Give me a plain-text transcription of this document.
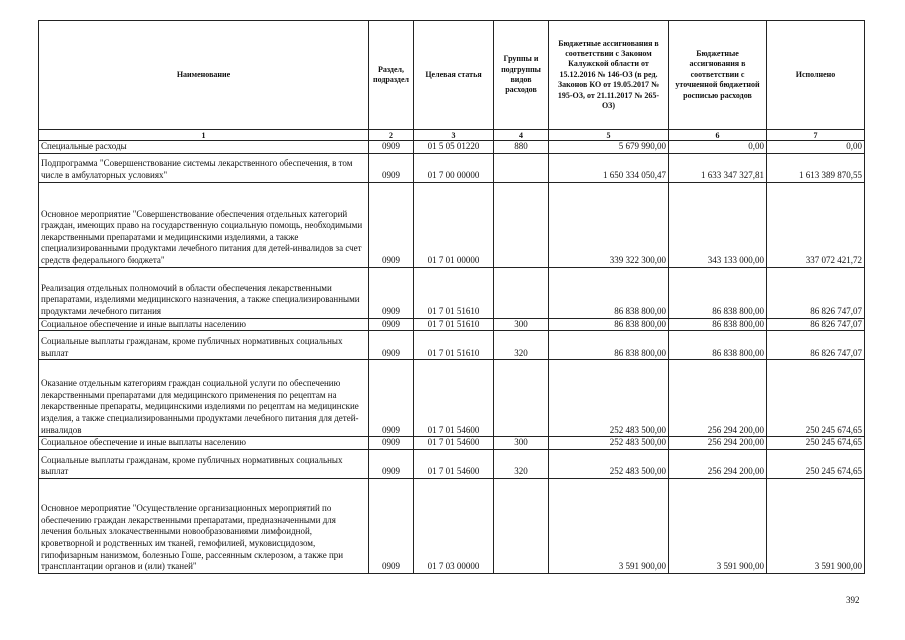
Наименование	Раздел, подраздел	Целевая статья	Группы и подгруппы видов расходов	Бюджетные ассигнования в соответствии с Законом Калужской области от 15.12.2016 № 146-ОЗ (в ред. Законов КО от 19.05.2017 № 195-ОЗ, от 21.11.2017 № 265-ОЗ)	Бюджетные ассигнования в соответствии с уточненной бюджетной росписью расходов	Исполнено
1	2	3	4	5	6	7
Специальные расходы	0909	01 5 05 01220	880	5 679 990,00	0,00	0,00
Подпрограмма "Совершенствование системы лекарственного обеспечения, в том числе в амбулаторных условиях"	0909	01 7 00 00000		1 650 334 050,47	1 633 347 327,81	1 613 389 870,55
Основное мероприятие "Совершенствование обеспечения отдельных категорий граждан, имеющих право на государственную социальную помощь, необходимыми лекарственными препаратами и медицинскими изделиями, а также специализированными продуктами лечебного питания для детей-инвалидов за счет средств федерального бюджета"	0909	01 7 01 00000		339 322 300,00	343 133 000,00	337 072 421,72
Реализация отдельных полномочий в области обеспечения лекарственными препаратами, изделиями медицинского назначения, а также специализированными продуктами лечебного питания	0909	01 7 01 51610		86 838 800,00	86 838 800,00	86 826 747,07
Социальное обеспечение и иные выплаты населению	0909	01 7 01 51610	300	86 838 800,00	86 838 800,00	86 826 747,07
Социальные выплаты гражданам, кроме публичных нормативных социальных выплат	0909	01 7 01 51610	320	86 838 800,00	86 838 800,00	86 826 747,07
Оказание отдельным категориям граждан социальной услуги по обеспечению лекарственными препаратами для медицинского применения по рецептам на лекарственные препараты, медицинскими изделиями по рецептам на медицинские изделия, а также специализированными продуктами лечебного питания для детей-инвалидов	0909	01 7 01 54600		252 483 500,00	256 294 200,00	250 245 674,65
Социальное обеспечение и иные выплаты населению	0909	01 7 01 54600	300	252 483 500,00	256 294 200,00	250 245 674,65
Социальные выплаты гражданам, кроме публичных нормативных социальных выплат	0909	01 7 01 54600	320	252 483 500,00	256 294 200,00	250 245 674,65
Основное мероприятие "Осуществление организационных мероприятий по обеспечению граждан лекарственными препаратами, предназначенными для лечения больных злокачественными новообразованиями лимфоидной, кроветворной и родственных им тканей, гемофилией, муковисцидозом, гипофизарным нанизмом, болезнью Гоше, рассеянным склерозом, а также при трансплантации органов и (или) тканей"	0909	01 7 03 00000		3 591 900,00	3 591 900,00	3 591 900,00
392
